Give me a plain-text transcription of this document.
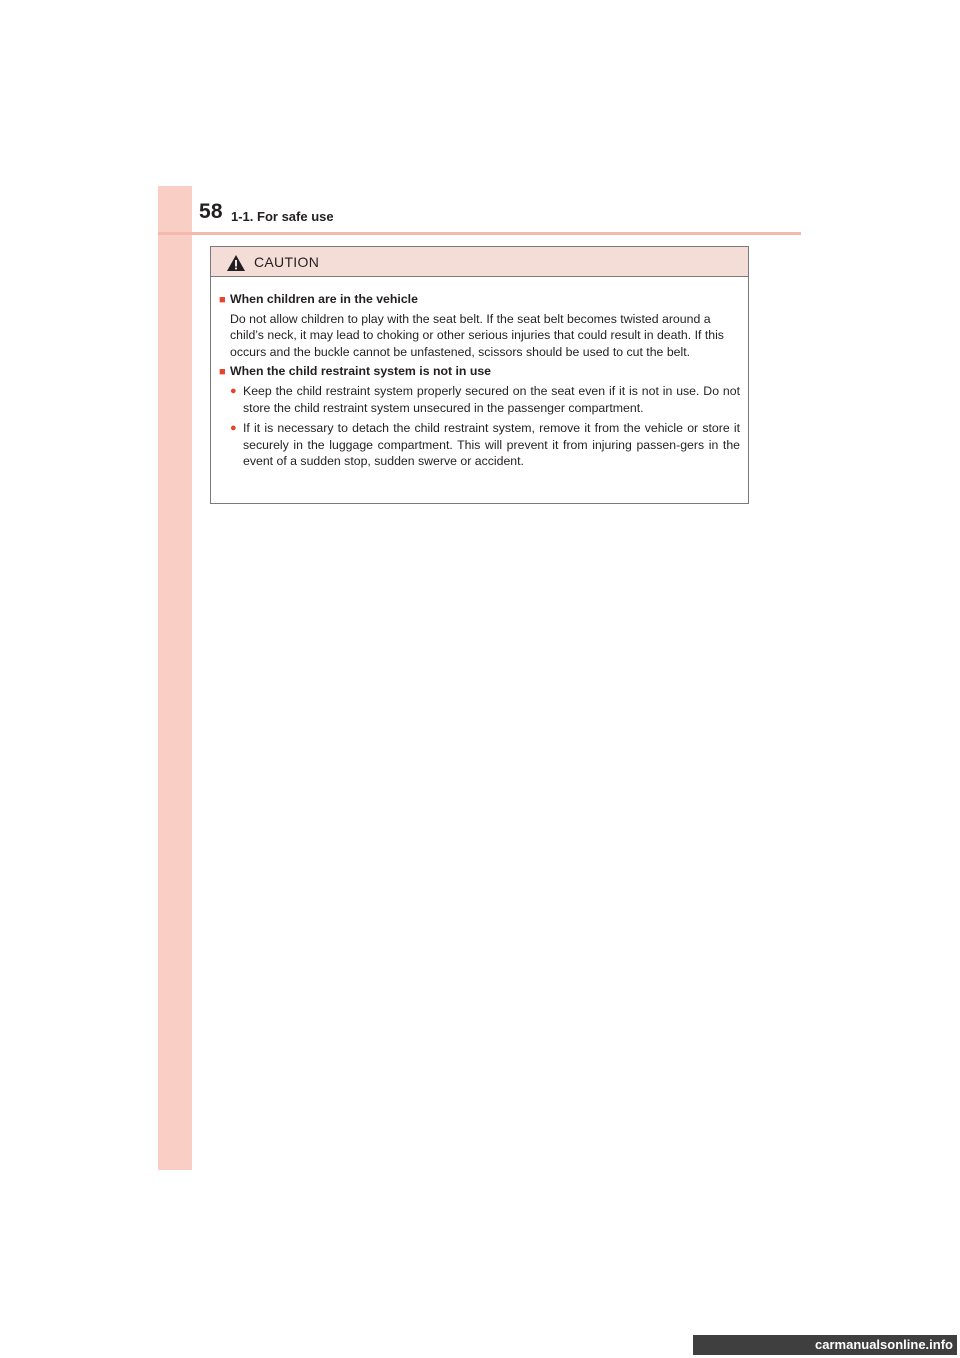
58 1-1. For safe use
CAUTION
■ When children are in the vehicle
Do not allow children to play with the seat belt. If the seat belt becomes twisted around a child’s neck, it may lead to choking or other serious injuries that could result in death. If this occurs and the buckle cannot be unfastened, scissors should be used to cut the belt.
■ When the child restraint system is not in use
● Keep the child restraint system properly secured on the seat even if it is not in use. Do not store the child restraint system unsecured in the passenger compartment.
● If it is necessary to detach the child restraint system, remove it from the vehicle or store it securely in the luggage compartment. This will prevent it from injuring passen-gers in the event of a sudden stop, sudden swerve or accident.
carmanualsonline.info
